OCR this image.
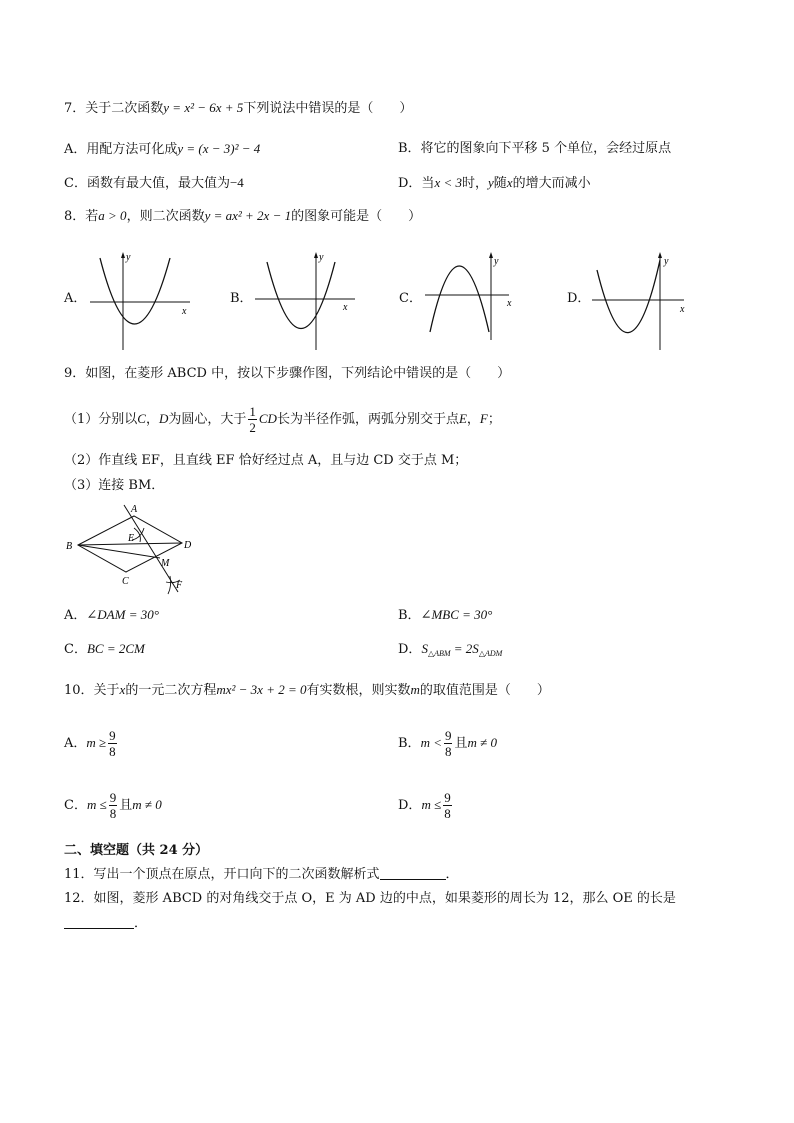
7．关于二次函数y = x² − 6x + 5下列说法中错误的是（　　）
A．用配方法可化成y = (x − 3)² − 4	B．将它的图象向下平移 5 个单位，会经过原点
C．函数有最大值，最大值为−4	D．当x < 3时，y随x的增大而减小
8．若a > 0，则二次函数y = ax² + 2x − 1的图象可能是（　　）
A．
y
x
B．
y
x
C．
y
x	D．
y
x
9．如图，在菱形 ABCD 中，按以下步骤作图，下列结论中错误的是（　　）
（1）分别以C，D为圆心，大于 $\frac{1}{2}$ CD长为半径作弧，两弧分别交于点E，F；
（2）作直线 EF，且直线 EF 恰好经过点 A，且与边 CD 交于点 M；
（3）连接 BM．
A
B
C
D
E
M
F
A．∠DAM = 30°	B．∠MBC = 30°
C．BC = 2CM	D．$S_{\triangle ABM} = 2S_{\triangle ADM}$
10．关于x的一元二次方程mx² − 3x + 2 = 0有实数根，则实数m的取值范围是（　　）
A．$m \ge \frac{9}{8}$	B．$m < \frac{9}{8}$ 且m ≠ 0
C．$m \le \frac{9}{8}$ 且m ≠ 0	D．$m \le \frac{9}{8}$
二、填空题（共 24 分）
11．写出一个顶点在原点，开口向下的二次函数解析式	．
12．如图，菱形 ABCD 的对角线交于点 O，E 为 AD 边的中点，如果菱形的周长为 12，那么 OE 的长是
．
